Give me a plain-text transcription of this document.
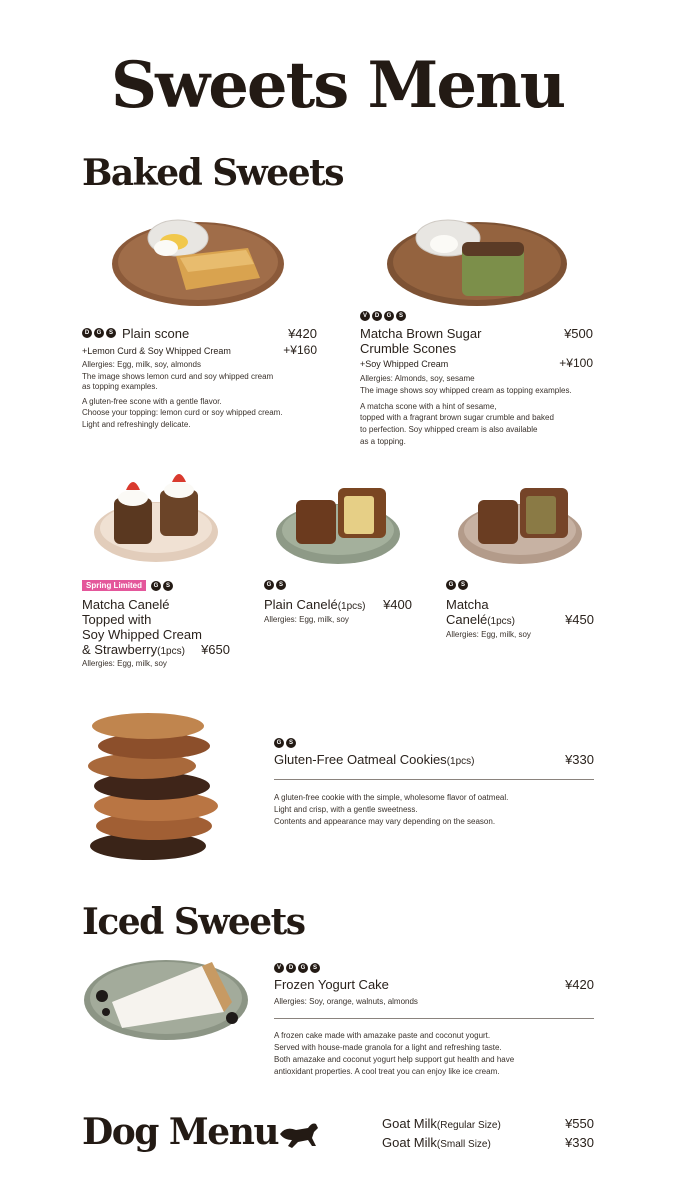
Sweets Menu
Baked Sweets
D	G	S Plain scone	¥420
+Lemon Curd & Soy Whipped Cream	+¥160
Allergies: Egg, milk, soy, almonds
The image shows lemon curd and soy whipped cream
as topping examples.
A gluten-free scone with a gentle flavor.
Choose your topping: lemon curd or soy whipped cream.
Light and refreshingly delicate.
V	D	G	S
Matcha Brown Sugar
Crumble Scones
¥500
+Soy Whipped Cream	+¥100
Allergies: Almonds, soy, sesame
The image shows soy whipped cream as topping examples.
A matcha scone with a hint of sesame,
topped with a fragrant brown sugar crumble and baked
to perfection. Soy whipped cream is also available
as a topping.
Spring Limited	G	S
Matcha Canelé
Topped with
Soy Whipped Cream
& Strawberry(1pcs)	¥650
Allergies: Egg, milk, soy
G	S
Plain Canelé(1pcs)	¥400
Allergies: Egg, milk, soy
G	S
Matcha
Canelé(1pcs)	¥450
Allergies: Egg, milk, soy
G	S
Gluten-Free Oatmeal Cookies(1pcs)	¥330
A gluten-free cookie with the simple, wholesome flavor of oatmeal.
Light and crisp, with a gentle sweetness.
Contents and appearance may vary depending on the season.
Iced Sweets
V	D	G	S
Frozen Yogurt Cake	¥420
Allergies: Soy, orange, walnuts, almonds
A frozen cake made with amazake paste and coconut yogurt.
Served with house-made granola for a light and refreshing taste.
Both amazake and coconut yogurt help support gut health and have
antioxidant properties. A cool treat you can enjoy like ice cream.
Dog Menu	Goat Milk(Regular Size)	¥550
Goat Milk(Small Size)	¥330
